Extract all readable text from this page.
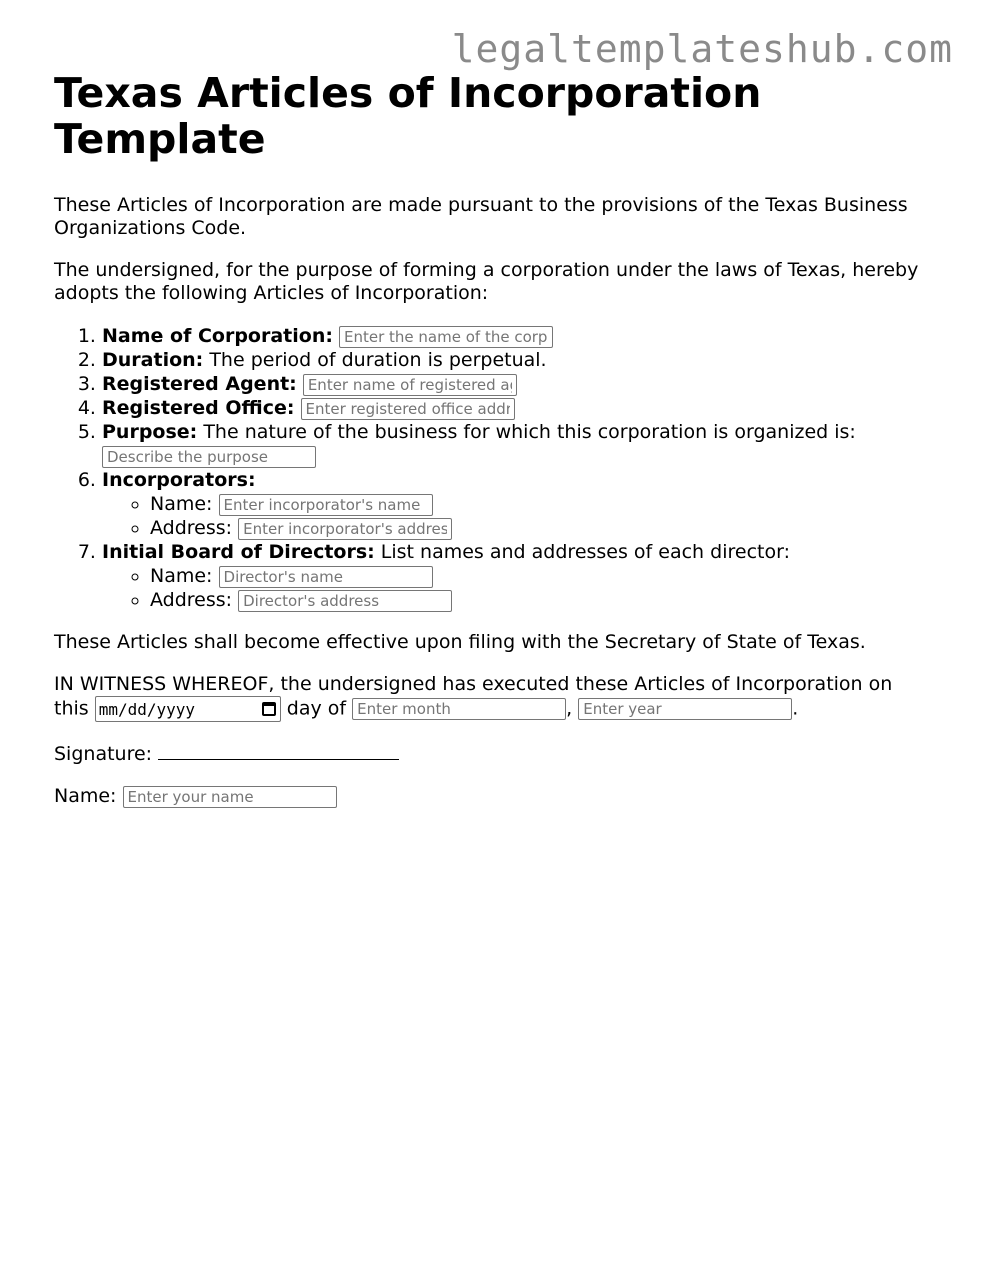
legaltemplateshub.com
Texas Articles of Incorporation Template

These Articles of Incorporation are made pursuant to the provisions of the Texas Business Organizations Code.

The undersigned, for the purpose of forming a corporation under the laws of Texas, hereby adopts the following Articles of Incorporation:

1. Name of Corporation: Enter the name of the corporation
2. Duration: The period of duration is perpetual.
3. Registered Agent: Enter name of registered agent
4. Registered Office: Enter registered office address
5. Purpose: The nature of the business for which this corporation is organized is:
Describe the purpose
6. Incorporators:
◦ Name: Enter incorporator's name
◦ Address: Enter incorporator's address
7. Initial Board of Directors: List names and addresses of each director:
◦ Name: Director's name
◦ Address: Director's address

These Articles shall become effective upon filing with the Secretary of State of Texas.

IN WITNESS WHEREOF, the undersigned has executed these Articles of Incorporation on
this mm/dd/yyyy	day of Enter month	, Enter year	.

Signature:

Name: Enter your name
